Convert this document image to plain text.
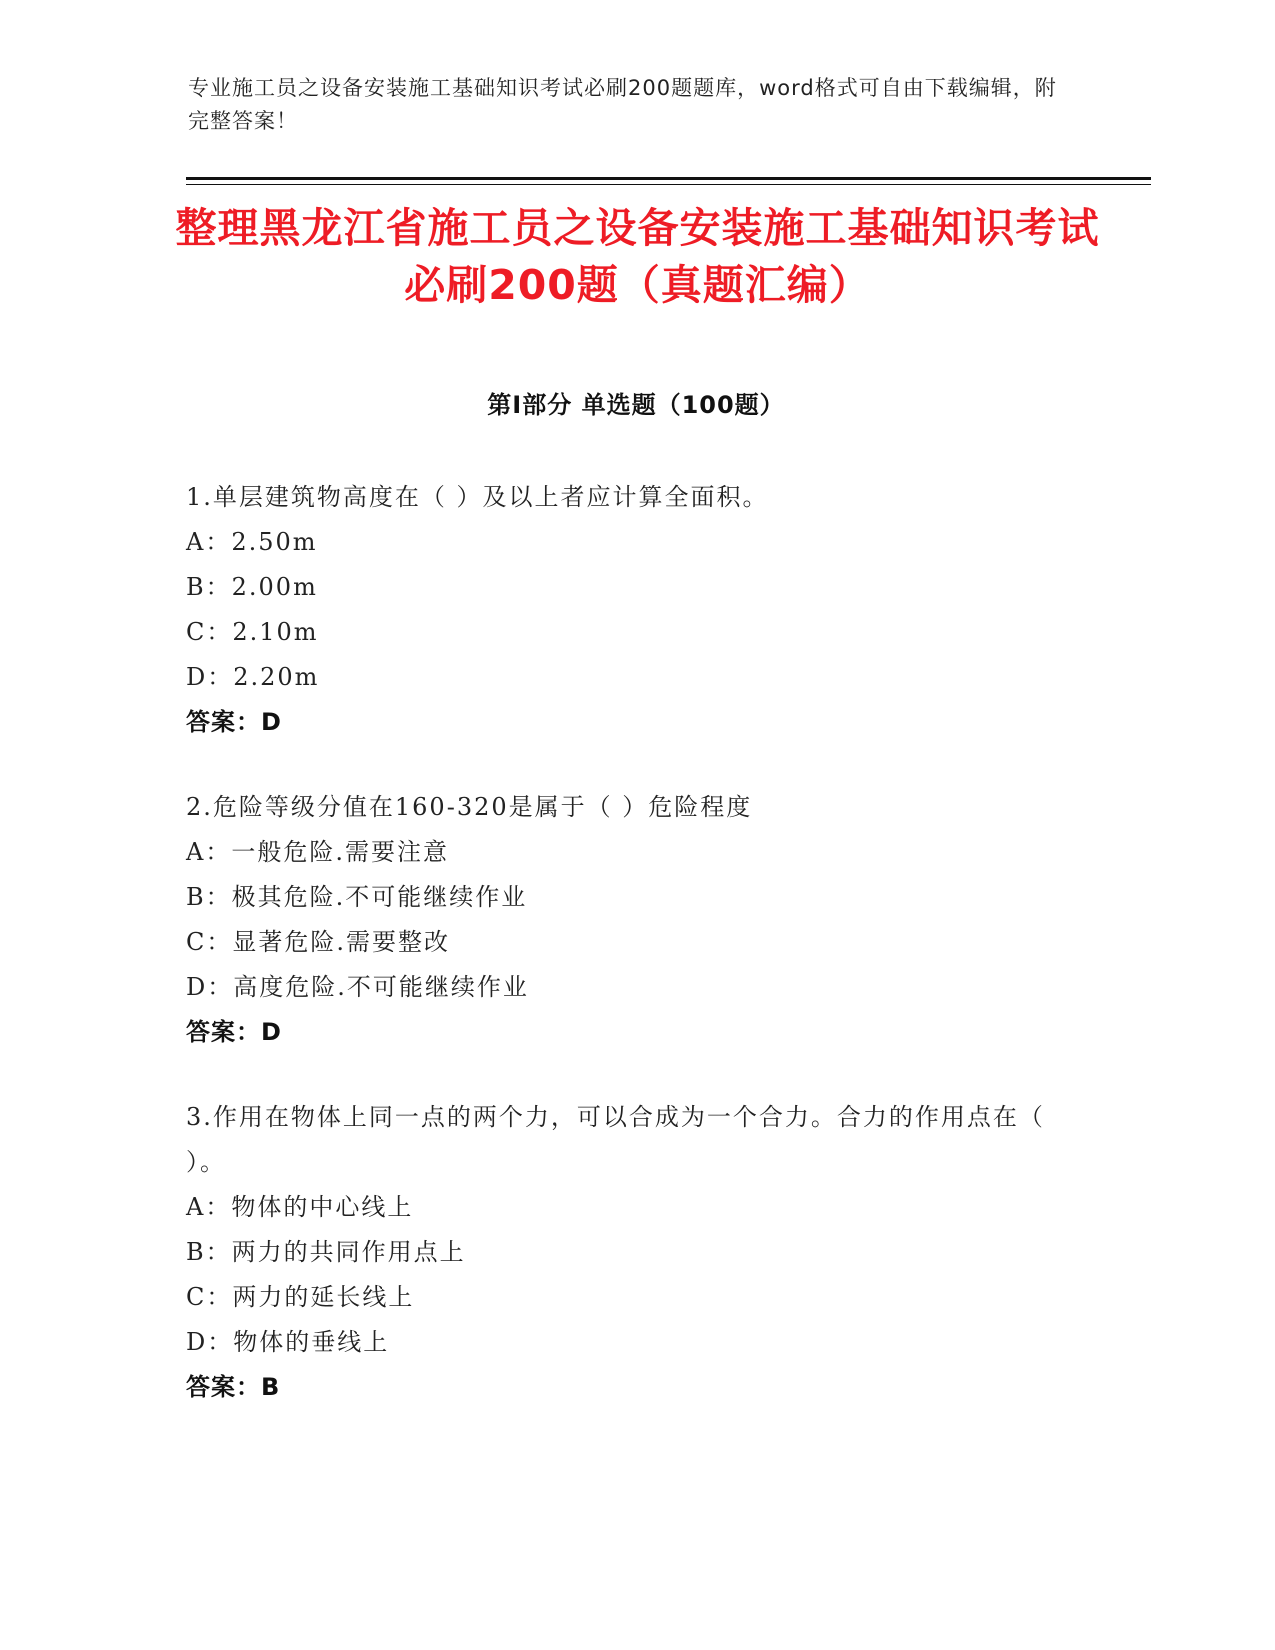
专业施工员之设备安装施工基础知识考试必刷200题题库，word格式可自由下载编辑，附完整答案！
整理黑龙江省施工员之设备安装施工基础知识考试必刷200题（真题汇编）
第Ⅰ部分 单选题（100题）
1.单层建筑物高度在（ ）及以上者应计算全面积。
A：2.50m
B：2.00m
C：2.10m
D：2.20m
答案：D
2.危险等级分值在160-320是属于（ ）危险程度
A：一般危险.需要注意
B：极其危险.不可能继续作业
C：显著危险.需要整改
D：高度危险.不可能继续作业
答案：D
3.作用在物体上同一点的两个力，可以合成为一个合力。合力的作用点在（ ）。
A：物体的中心线上
B：两力的共同作用点上
C：两力的延长线上
D：物体的垂线上
答案：B
